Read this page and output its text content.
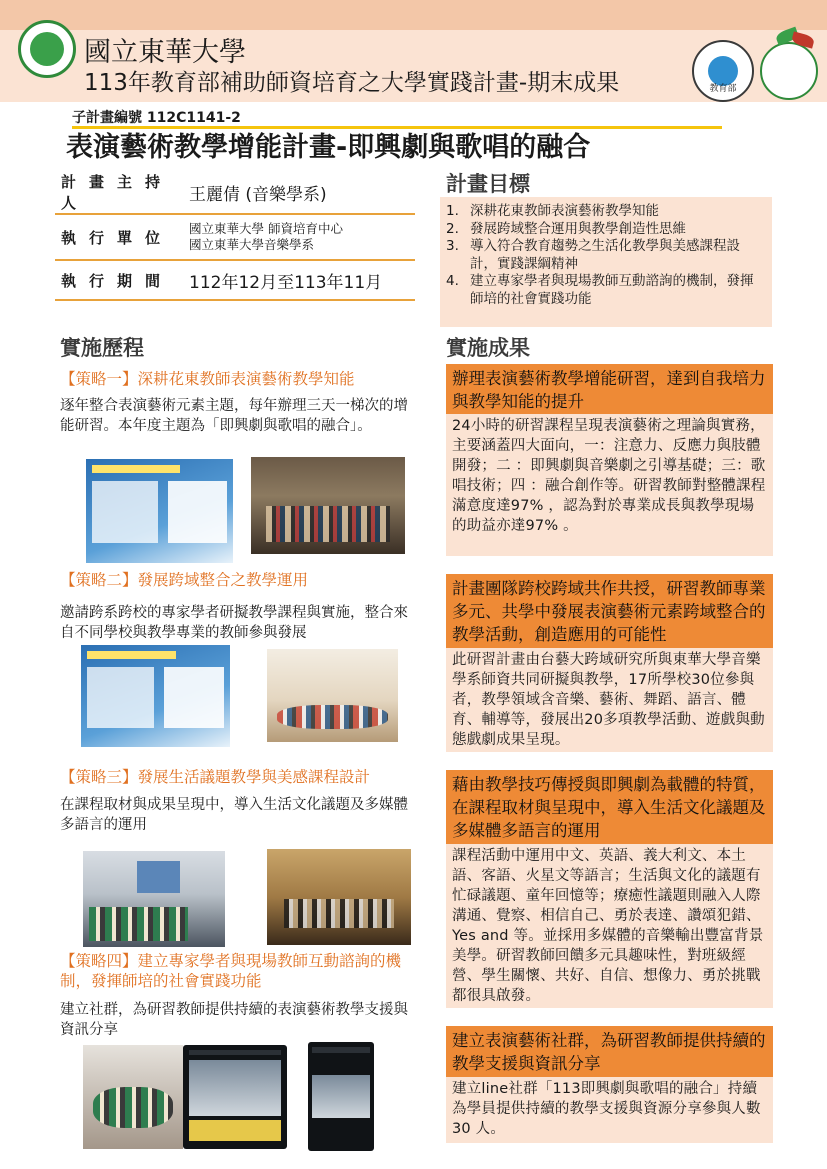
國立東華大學
113年教育部補助師資培育之大學實踐計畫-期末成果	教育部
子計畫編號 112C1141-2
表演藝術教學增能計畫-即興劇與歌唱的融合
計畫主持人	王麗倩 (音樂學系)
執行單位	國立東華大學 師資培育中心
國立東華大學音樂學系
執行期間 112年12月至113年11月
計畫目標
1. 深耕花東教師表演藝術教學知能
2. 發展跨域整合運用與教學創造性思維
3. 導入符合教育趨勢之生活化教學與美感課程設計，實踐課綱精神
4. 建立專家學者與現場教師互動諮詢的機制，發揮師培的社會實踐功能
實施歷程
【策略一】深耕花東教師表演藝術教學知能
逐年整合表演藝術元素主題，每年辦理三天一梯次的增能研習。本年度主題為「即興劇與歌唱的融合」。
【策略二】發展跨域整合之教學運用
邀請跨系跨校的專家學者研擬教學課程與實施，整合來自不同學校與教學專業的教師參與發展
【策略三】發展生活議題教學與美感課程設計
在課程取材與成果呈現中，導入生活文化議題及多媒體多語言的運用
【策略四】建立專家學者與現場教師互動諮詢的機制，發揮師培的社會實踐功能
建立社群，為研習教師提供持續的表演藝術教學支援與資訊分享
實施成果
辦理表演藝術教學增能研習，達到自我培力與教學知能的提升
24小時的研習課程呈現表演藝術之理論與實務，主要涵蓋四大面向，一：注意力、反應力與肢體開發；二 ：即興劇與音樂劇之引導基礎；三：歌唱技術；四 ：融合創作等。研習教師對整體課程滿意度達97% ，認為對於專業成長與教學現場的助益亦達97% 。
計畫團隊跨校跨域共作共授，研習教師專業多元、共學中發展表演藝術元素跨域整合的教學活動，創造應用的可能性
此研習計畫由台藝大跨域研究所與東華大學音樂學系師資共同研擬與教學，17所學校30位參與者，教學領域含音樂、藝術、舞蹈、語言、體育、輔導等，發展出20多項教學活動、遊戲與動態戲劇成果呈現。
藉由教學技巧傳授與即興劇為載體的特質，在課程取材與呈現中，導入生活文化議題及多媒體多語言的運用
課程活動中運用中文、英語、義大利文、本土語、客語、火星文等語言；生活與文化的議題有忙碌議題、童年回憶等；療癒性議題則融入人際溝通、覺察、相信自己、勇於表達、讚頌犯錯、Yes and 等。並採用多媒體的音樂輸出豐富背景美學。研習教師回饋多元具趣味性，對班級經營、學生關懷、共好、自信、想像力、勇於挑戰都很具啟發。
建立表演藝術社群，為研習教師提供持續的教學支援與資訊分享
建立line社群「113即興劇與歌唱的融合」持續為學員提供持續的教學支援與資源分享參與人數30 人。
